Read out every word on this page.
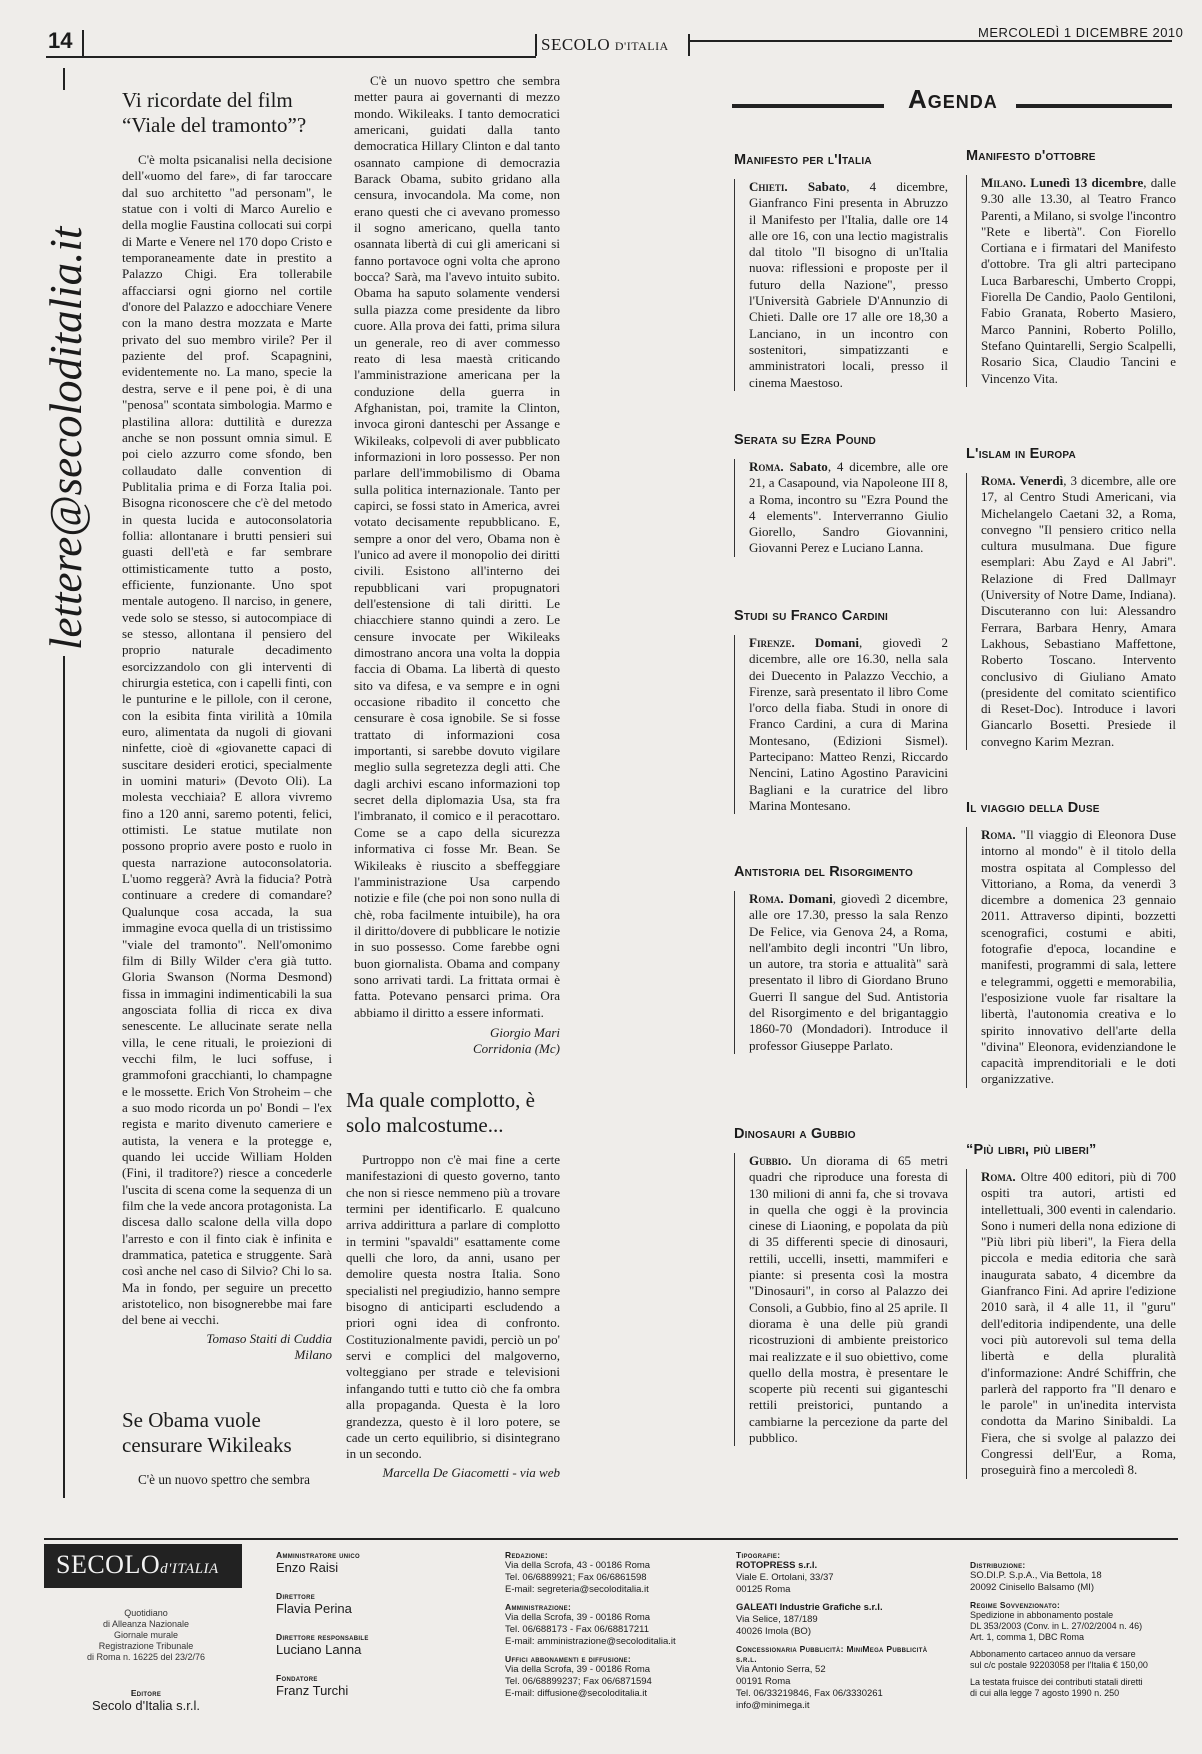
14	SECOLO D'ITALIA
MERCOLEDÌ 1 DICEMBRE 2010
lettere@secoloditalia.it
Vi ricordate del film “Viale del tramonto”?

C'è molta psicanalisi nella decisione dell'«uomo del fare», di far taroccare dal suo architetto "ad personam", le statue con i volti di Marco Aurelio e della moglie Faustina collocati sui corpi di Marte e Venere nel 170 dopo Cristo e temporaneamente date in prestito a Palazzo Chigi. Era tollerabile affacciarsi ogni giorno nel cortile d'onore del Palazzo e adocchiare Venere con la mano destra mozzata e Marte privato del suo membro virile? Per il paziente del prof. Scapagnini, evidentemente no. La mano, specie la destra, serve e il pene poi, è di una "penosa" scontata simbologia. Marmo e plastilina allora: duttilità e durezza anche se non possunt omnia simul. E poi cielo azzurro come sfondo, ben collaudato dalle convention di Publitalia prima e di Forza Italia poi. Bisogna riconoscere che c'è del metodo in questa lucida e autoconsolatoria follia: allontanare i brutti pensieri sui guasti dell'età e far sembrare ottimisticamente tutto a posto, efficiente, funzionante. Uno spot mentale autogeno. Il narciso, in genere, vede solo se stesso, si autocompiace di se stesso, allontana il pensiero del proprio naturale decadimento esorcizzandolo con gli interventi di chirurgia estetica, con i capelli finti, con le punturine e le pillole, con il cerone, con la esibita finta virilità a 10mila euro, alimentata da nugoli di giovani ninfette, cioè di «giovanette capaci di suscitare desideri erotici, specialmente in uomini maturi» (Devoto Oli). La molesta vecchiaia? E allora vivremo fino a 120 anni, saremo potenti, felici, ottimisti. Le statue mutilate non possono proprio avere posto e ruolo in questa narrazione autoconsolatoria. L'uomo reggerà? Avrà la fiducia? Potrà continuare a credere di comandare? Qualunque cosa accada, la sua immagine evoca quella di un tristissimo "viale del tramonto". Nell'omonimo film di Billy Wilder c'era già tutto. Gloria Swanson (Norma Desmond) fissa in immagini indimenticabili la sua angosciata follia di ricca ex diva senescente. Le allucinate serate nella villa, le cene rituali, le proiezioni di vecchi film, le luci soffuse, i grammofoni gracchianti, lo champagne e le mossette. Erich Von Stroheim – che a suo modo ricorda un po' Bondi – l'ex regista e marito divenuto cameriere e autista, la venera e la protegge e, quando lei uccide William Holden (Fini, il traditore?) riesce a concederle l'uscita di scena come la sequenza di un film che la vede ancora protagonista. La discesa dallo scalone della villa dopo l'arresto e con il finto ciak è infinita e drammatica, patetica e struggente. Sarà così anche nel caso di Silvio? Chi lo sa. Ma in fondo, per seguire un precetto aristotelico, non bisognerebbe mai fare del bene ai vecchi.

Tomaso Staiti di Cuddia
Milano
Se Obama vuole censurare Wikileaks

C'è un nuovo spettro che sembra

C'è un nuovo spettro che sembra metter paura ai governanti di mezzo mondo. Wikileaks. I tanto democratici americani, guidati dalla tanto democratica Hillary Clinton e dal tanto osannato campione di democrazia Barack Obama, subito gridano alla censura, invocandola. Ma come, non erano questi che ci avevano promesso il sogno americano, quella tanto osannata libertà di cui gli americani si fanno portavoce ogni volta che aprono bocca? Sarà, ma l'avevo intuito subito. Obama ha saputo solamente vendersi sulla piazza come presidente da libro cuore. Alla prova dei fatti, prima silura un generale, reo di aver commesso reato di lesa maestà criticando l'amministrazione americana per la conduzione della guerra in Afghanistan, poi, tramite la Clinton, invoca gironi danteschi per Assange e Wikileaks, colpevoli di aver pubblicato informazioni in loro possesso. Per non parlare dell'immobilismo di Obama sulla politica internazionale. Tanto per capirci, se fossi stato in America, avrei votato decisamente repubblicano. E, sempre a onor del vero, Obama non è l'unico ad avere il monopolio dei diritti civili. Esistono all'interno dei repubblicani vari propugnatori dell'estensione di tali diritti. Le chiacchiere stanno quindi a zero. Le censure invocate per Wikileaks dimostrano ancora una volta la doppia faccia di Obama. La libertà di questo sito va difesa, e va sempre e in ogni occasione ribadito il concetto che censurare è cosa ignobile. Se si fosse trattato di informazioni cosa importanti, si sarebbe dovuto vigilare meglio sulla segretezza degli atti. Che dagli archivi escano informazioni top secret della diplomazia Usa, sta fra l'imbranato, il comico e il peracottaro. Come se a capo della sicurezza informativa ci fosse Mr. Bean. Se Wikileaks è riuscito a sbeffeggiare l'amministrazione Usa carpendo notizie e file (che poi non sono nulla di chè, roba facilmente intuibile), ha ora il diritto/dovere di pubblicare le notizie in suo possesso. Come farebbe ogni buon giornalista. Obama and company sono arrivati tardi. La frittata ormai è fatta. Potevano pensarci prima. Ora abbiamo il diritto a essere informati.

Giorgio Mari
Corridonia (Mc)
Ma quale complotto, è solo malcostume...

Purtroppo non c'è mai fine a certe manifestazioni di questo governo, tanto che non si riesce nemmeno più a trovare termini per identificarlo. E qualcuno arriva addirittura a parlare di complotto in termini "spavaldi" esattamente come quelli che loro, da anni, usano per demolire questa nostra Italia. Sono specialisti nel pregiudizio, hanno sempre bisogno di anticiparti escludendo a priori ogni idea di confronto. Costituzionalmente pavidi, perciò un po' servi e complici del malgoverno, volteggiano per strade e televisioni infangando tutti e tutto ciò che fa ombra alla propaganda. Questa è la loro grandezza, questo è il loro potere, se cade un certo equilibrio, si disintegrano in un secondo.

Marcella De Giacometti - via web
Agenda
Manifesto per l'Italia
Chieti. Sabato, 4 dicembre, Gianfranco Fini presenta in Abruzzo il Manifesto per l'Italia, dalle ore 14 alle ore 16, con una lectio magistralis dal titolo "Il bisogno di un'Italia nuova: riflessioni e proposte per il futuro della Nazione", presso l'Università Gabriele D'Annunzio di Chieti. Dalle ore 17 alle ore 18,30 a Lanciano, in un incontro con sostenitori, simpatizzanti e amministratori locali, presso il cinema Maestoso.
Serata su Ezra Pound
Roma. Sabato, 4 dicembre, alle ore 21, a Casapound, via Napoleone III 8, a Roma, incontro su "Ezra Pound the 4 elements". Interverranno Giulio Giorello, Sandro Giovannini, Giovanni Perez e Luciano Lanna.
Studi su Franco Cardini
Firenze. Domani, giovedì 2 dicembre, alle ore 16.30, nella sala dei Duecento in Palazzo Vecchio, a Firenze, sarà presentato il libro Come l'orco della fiaba. Studi in onore di Franco Cardini, a cura di Marina Montesano, (Edizioni Sismel). Partecipano: Matteo Renzi, Riccardo Nencini, Latino Agostino Paravicini Bagliani e la curatrice del libro Marina Montesano.
Antistoria del Risorgimento
Roma. Domani, giovedì 2 dicembre, alle ore 17.30, presso la sala Renzo De Felice, via Genova 24, a Roma, nell'ambito degli incontri "Un libro, un autore, tra storia e attualità" sarà presentato il libro di Giordano Bruno Guerri Il sangue del Sud. Antistoria del Risorgimento e del brigantaggio 1860-70 (Mondadori). Introduce il professor Giuseppe Parlato.
Dinosauri a Gubbio
Gubbio. Un diorama di 65 metri quadri che riproduce una foresta di 130 milioni di anni fa, che si trovava in quella che oggi è la provincia cinese di Liaoning, e popolata da più di 35 differenti specie di dinosauri, rettili, uccelli, insetti, mammiferi e piante: si presenta così la mostra "Dinosauri", in corso al Palazzo dei Consoli, a Gubbio, fino al 25 aprile. Il diorama è una delle più grandi ricostruzioni di ambiente preistorico mai realizzate e il suo obiettivo, come quello della mostra, è presentare le scoperte più recenti sui giganteschi rettili preistorici, puntando a cambiarne la percezione da parte del pubblico.
Manifesto d'ottobre
Milano. Lunedì 13 dicembre, dalle 9.30 alle 13.30, al Teatro Franco Parenti, a Milano, si svolge l'incontro "Rete e libertà". Con Fiorello Cortiana e i firmatari del Manifesto d'ottobre. Tra gli altri partecipano Luca Barbareschi, Umberto Croppi, Fiorella De Candio, Paolo Gentiloni, Fabio Granata, Roberto Masiero, Marco Pannini, Roberto Polillo, Stefano Quintarelli, Sergio Scalpelli, Rosario Sica, Claudio Tancini e Vincenzo Vita.
L'islam in Europa
Roma. Venerdì, 3 dicembre, alle ore 17, al Centro Studi Americani, via Michelangelo Caetani 32, a Roma, convegno "Il pensiero critico nella cultura musulmana. Due figure esemplari: Abu Zayd e Al Jabri". Relazione di Fred Dallmayr (University of Notre Dame, Indiana). Discuteranno con lui: Alessandro Ferrara, Barbara Henry, Amara Lakhous, Sebastiano Maffettone, Roberto Toscano. Intervento conclusivo di Giuliano Amato (presidente del comitato scientifico di Reset-Doc). Introduce i lavori Giancarlo Bosetti. Presiede il convegno Karim Mezran.
Il viaggio della Duse
Roma. "Il viaggio di Eleonora Duse intorno al mondo" è il titolo della mostra ospitata al Complesso del Vittoriano, a Roma, da venerdì 3 dicembre a domenica 23 gennaio 2011. Attraverso dipinti, bozzetti scenografici, costumi e abiti, fotografie d'epoca, locandine e manifesti, programmi di sala, lettere e telegrammi, oggetti e memorabilia, l'esposizione vuole far risaltare la libertà, l'autonomia creativa e lo spirito innovativo dell'arte della "divina" Eleonora, evidenziandone le capacità imprenditoriali e le doti organizzative.
“Più libri, più liberi”
Roma. Oltre 400 editori, più di 700 ospiti tra autori, artisti ed intellettuali, 300 eventi in calendario. Sono i numeri della nona edizione di "Più libri più liberi", la Fiera della piccola e media editoria che sarà inaugurata sabato, 4 dicembre da Gianfranco Fini. Ad aprire l'edizione 2010 sarà, il 4 alle 11, il "guru" dell'editoria indipendente, una delle voci più autorevoli sul tema della libertà e della pluralità d'informazione: André Schiffrin, che parlerà del rapporto fra "Il denaro e le parole" in un'inedita intervista condotta da Marino Sinibaldi. La Fiera, che si svolge al palazzo dei Congressi dell'Eur, a Roma, proseguirà fino a mercoledì 8.
SECOLOd'ITALIA
Quotidiano
di Alleanza Nazionale
Giornale murale
Registrazione Tribunale
di Roma n. 16225 del 23/2/76
Editore
Secolo d'Italia s.r.l.
Amministratore unico
Enzo Raisi
Direttore
Flavia Perina
Direttore responsabile
Luciano Lanna
Fondatore
Franz Turchi
Redazione:
Via della Scrofa, 43 - 00186 Roma
Tel. 06/6889921; Fax 06/6861598
E-mail: segreteria@secoloditalia.it
Amministrazione:
Via della Scrofa, 39 - 00186 Roma
Tel. 06/688173 - Fax 06/68817211
E-mail: amministrazione@secoloditalia.it
Uffici abbonamenti e diffusione:
Via della Scrofa, 39 - 00186 Roma
Tel. 06/68899237; Fax 06/6871594
E-mail: diffusione@secoloditalia.it
Tipografie:
ROTOPRESS s.r.l.
Viale E. Ortolani, 33/37
00125 Roma
GALEATI Industrie Grafiche s.r.l.
Via Selice, 187/189
40026 Imola (BO)
Concessionaria Pubblicità: MiniMega Pubblicità s.r.l.
Via Antonio Serra, 52
00191 Roma
Tel. 06/33219846, Fax 06/3330261
info@minimega.it
Distribuzione:
SO.DI.P. S.p.A., Via Bettola, 18
20092 Cinisello Balsamo (MI)
Regime Sovvenzionato:
Spedizione in abbonamento postale
DL 353/2003 (Conv. in L. 27/02/2004 n. 46)
Art. 1, comma 1, DBC Roma
Abbonamento cartaceo annuo da versare
sul c/c postale 92203058 per l'Italia € 150,00
La testata fruisce dei contributi statali diretti
di cui alla legge 7 agosto 1990 n. 250
